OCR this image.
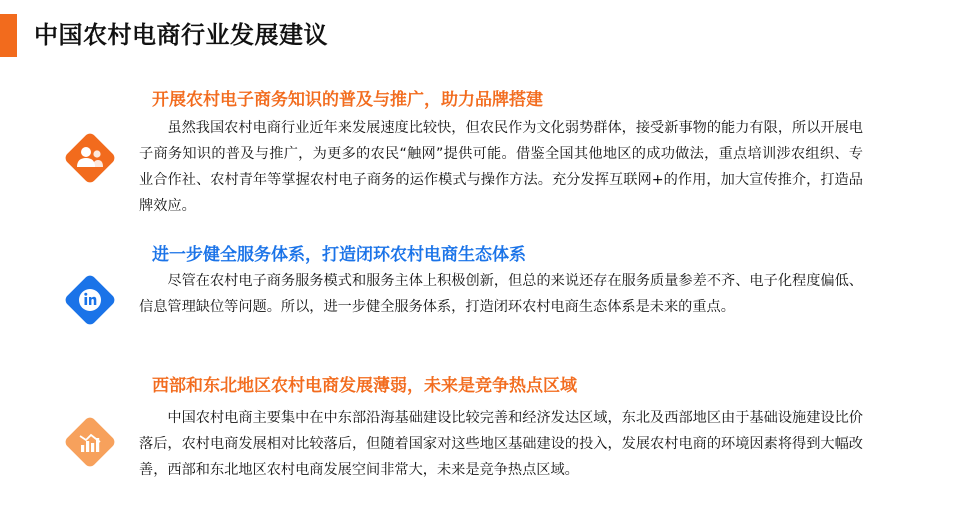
中国农村电商行业发展建议
开展农村电子商务知识的普及与推广，助力品牌搭建
虽然我国农村电商行业近年来发展速度比较快，但农民作为文化弱势群体，接受新事物的能力有限，所以开展电子商务知识的普及与推广，为更多的农民“触网”提供可能。借鉴全国其他地区的成功做法，重点培训涉农组织、专业合作社、农村青年等掌握农村电子商务的运作模式与操作方法。充分发挥互联网+的作用，加大宣传推介，打造品牌效应。
进一步健全服务体系，打造闭环农村电商生态体系
尽管在农村电子商务服务模式和服务主体上积极创新，但总的来说还存在服务质量参差不齐、电子化程度偏低、信息管理缺位等问题。所以，进一步健全服务体系，打造闭环农村电商生态体系是未来的重点。
西部和东北地区农村电商发展薄弱，未来是竞争热点区域
中国农村电商主要集中在中东部沿海基础建设比较完善和经济发达区域，东北及西部地区由于基础设施建设比价落后，农村电商发展相对比较落后，但随着国家对这些地区基础建设的投入，发展农村电商的环境因素将得到大幅改善，西部和东北地区农村电商发展空间非常大，未来是竞争热点区域。
